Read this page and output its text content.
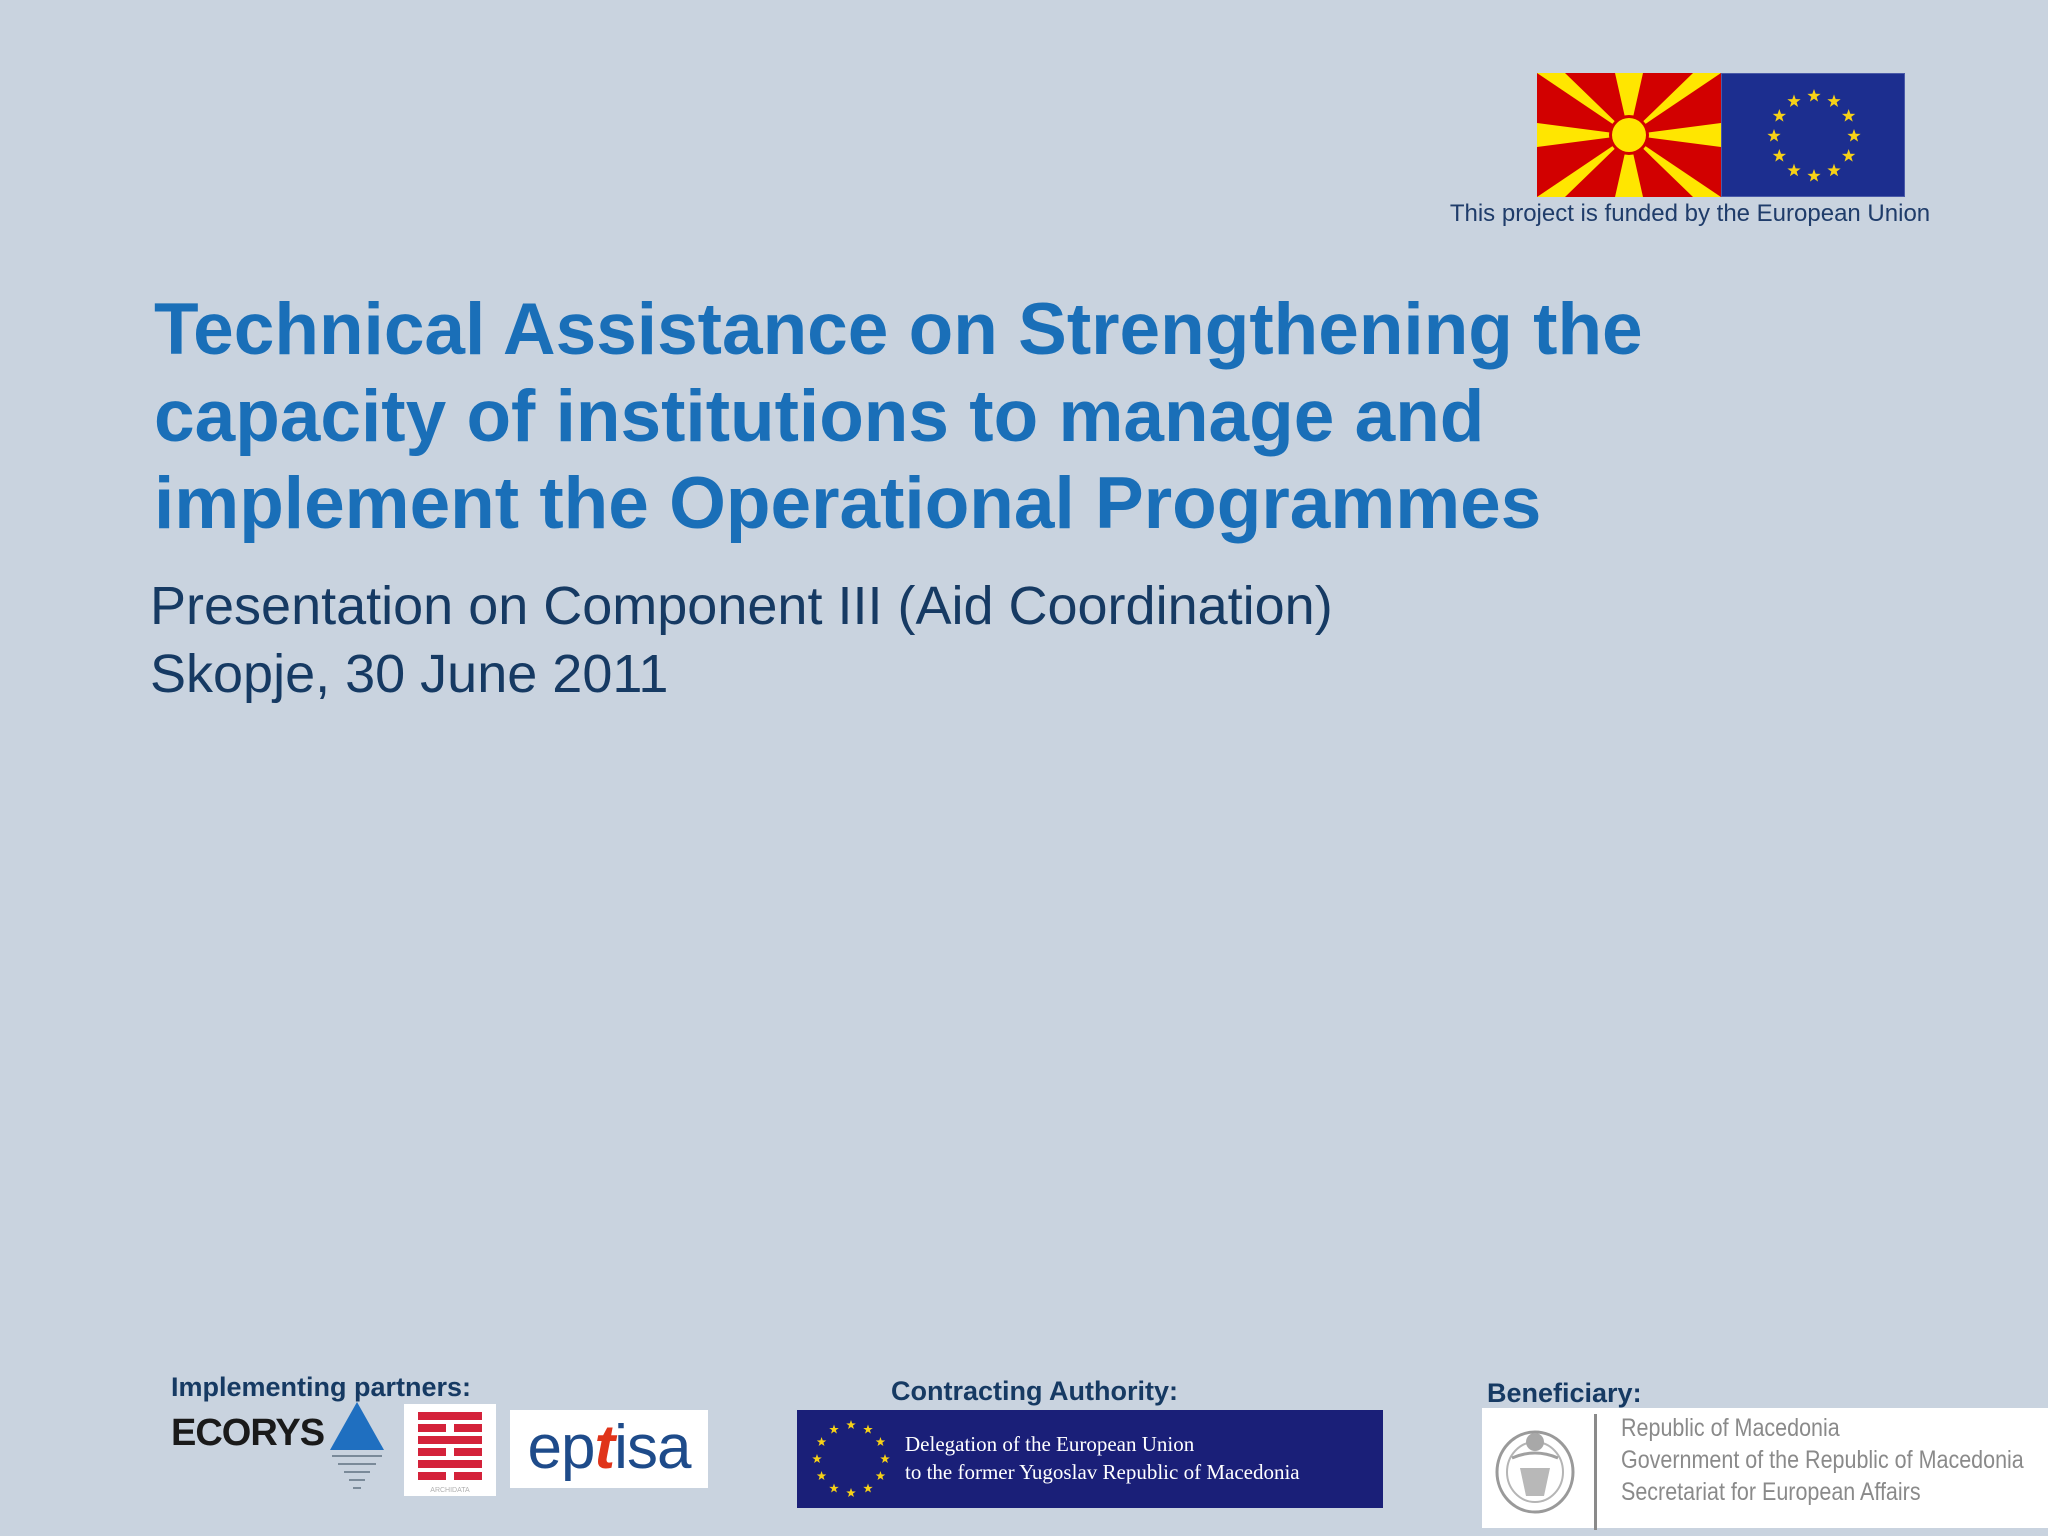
This project is funded by the European Union
Technical Assistance on Strengthening the
capacity of institutions to manage and
implement the Operational Programmes
Presentation on Component III (Aid Coordination)
Skopje, 30 June 2011
Implementing partners:	Contracting Authority:	Beneficiary:
ECORYS
ARCHIDATA
eptisa	Delegation of the European Union
to the former Yugoslav Republic of Macedonia
Republic of Macedonia
Government of the Republic of Macedonia
Secretariat for European Affairs
